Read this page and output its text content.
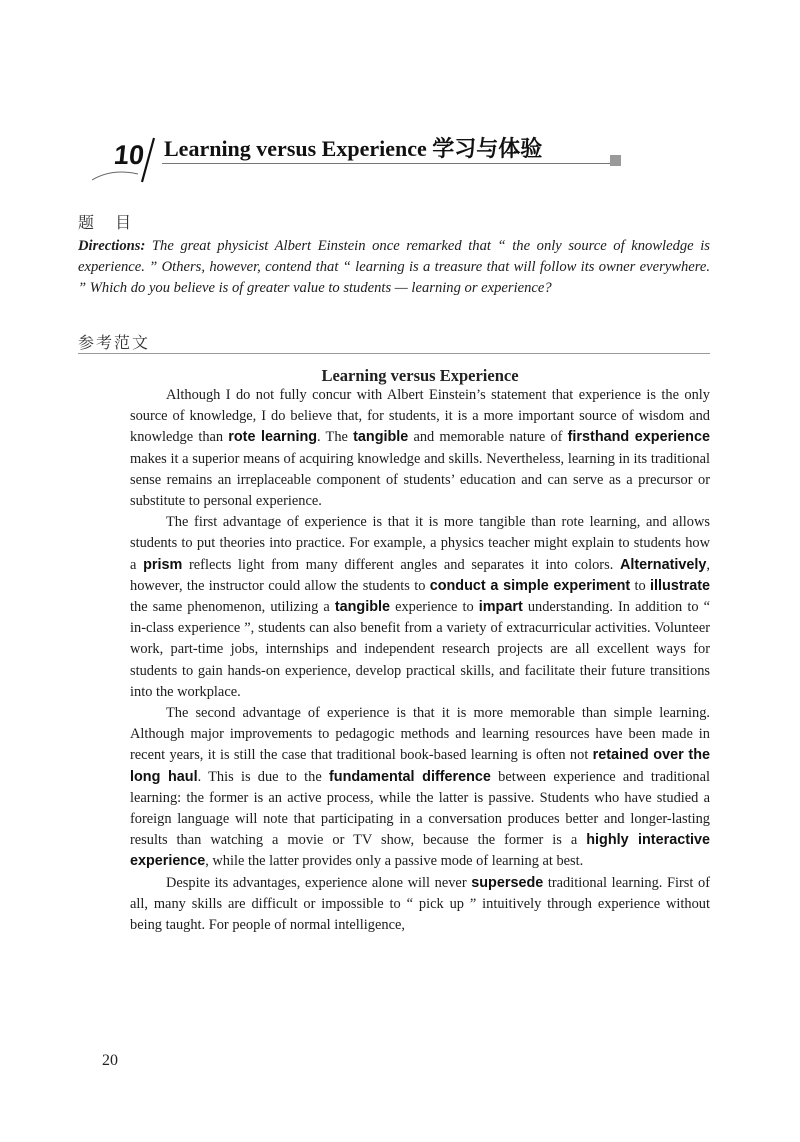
10 Learning versus Experience 学习与体验
题 目
Directions: The great physicist Albert Einstein once remarked that “ the only source of knowledge is experience. ” Others, however, contend that “ learning is a treasure that will follow its owner everywhere. ” Which do you believe is of greater value to students — learning or experience?
参考范文
Learning versus Experience

Although I do not fully concur with Albert Einstein’s statement that experience is the only source of knowledge, I do believe that, for students, it is a more important source of wisdom and knowledge than rote learning. The tangible and memorable nature of firsthand experience makes it a superior means of acquiring knowledge and skills. Nevertheless, learning in its traditional sense remains an irreplaceable component of students’ education and can serve as a precursor or substitute to personal experience.

The first advantage of experience is that it is more tangible than rote learning, and allows students to put theories into practice. For example, a physics teacher might explain to students how a prism reflects light from many different angles and separates it into colors. Alternatively, however, the instructor could allow the students to conduct a simple experiment to illustrate the same phenomenon, utilizing a tangible experience to impart understanding. In addition to “ in-class experience ”, students can also benefit from a variety of extracurricular activities. Volunteer work, part-time jobs, internships and independent research projects are all excellent ways for students to gain hands-on experience, develop practical skills, and facilitate their future transitions into the workplace.

The second advantage of experience is that it is more memorable than simple learning. Although major improvements to pedagogic methods and learning resources have been made in recent years, it is still the case that traditional book-based learning is often not retained over the long haul. This is due to the fundamental difference between experience and traditional learning: the former is an active process, while the latter is passive. Students who have studied a foreign language will note that participating in a conversation produces better and longer-lasting results than watching a movie or TV show, because the former is a highly interactive experience, while the latter provides only a passive mode of learning at best.

Despite its advantages, experience alone will never supersede traditional learning. First of all, many skills are difficult or impossible to “ pick up ” intuitively through experience without being taught. For people of normal intelligence,

20
